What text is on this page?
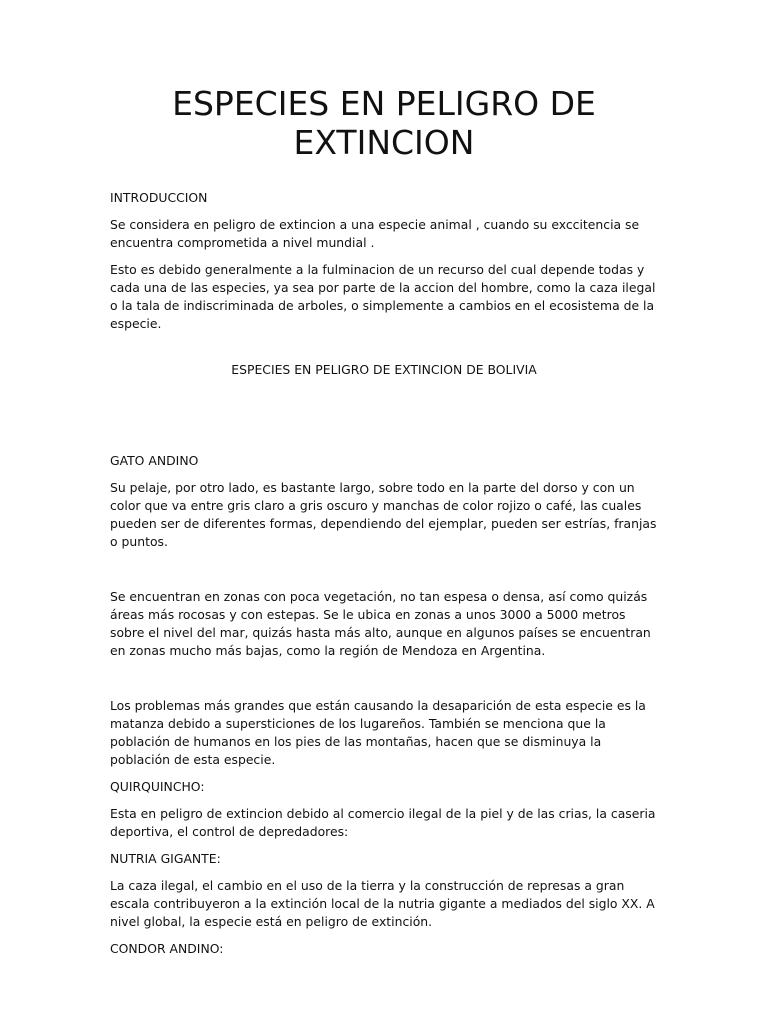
ESPECIES EN PELIGRO DE EXTINCION

INTRODUCCION

Se considera en peligro de extincion a una especie animal , cuando su exccitencia se encuentra comprometida a nivel mundial .

Esto es debido generalmente a la fulminacion de un recurso del cual depende todas y cada una de las especies, ya sea por parte de la accion del hombre, como la caza ilegal o la tala de indiscriminada de arboles, o simplemente a cambios en el ecosistema de la especie.

ESPECIES EN PELIGRO DE EXTINCION DE BOLIVIA

GATO ANDINO

Su pelaje, por otro lado, es bastante largo, sobre todo en la parte del dorso y con un color que va entre gris claro a gris oscuro y manchas de color rojizo o café, las cuales pueden ser de diferentes formas, dependiendo del ejemplar, pueden ser estrías, franjas o puntos.

Se encuentran en zonas con poca vegetación, no tan espesa o densa, así como quizás áreas más rocosas y con estepas. Se le ubica en zonas a unos 3000 a 5000 metros sobre el nivel del mar, quizás hasta más alto, aunque en algunos países se encuentran en zonas mucho más bajas, como la región de Mendoza en Argentina.

Los problemas más grandes que están causando la desaparición de esta especie es la matanza debido a supersticiones de los lugareños. También se menciona que la población de humanos en los pies de las montañas, hacen que se disminuya la población de esta especie.

QUIRQUINCHO:

Esta en peligro de extincion debido al comercio ilegal de la piel y de las crias, la caseria deportiva, el control de depredadores:

NUTRIA GIGANTE:

La caza ilegal, el cambio en el uso de la tierra y la construcción de represas a gran escala contribuyeron a la extinción local de la nutria gigante a mediados del siglo XX. A nivel global, la especie está en peligro de extinción.

CONDOR ANDINO:
